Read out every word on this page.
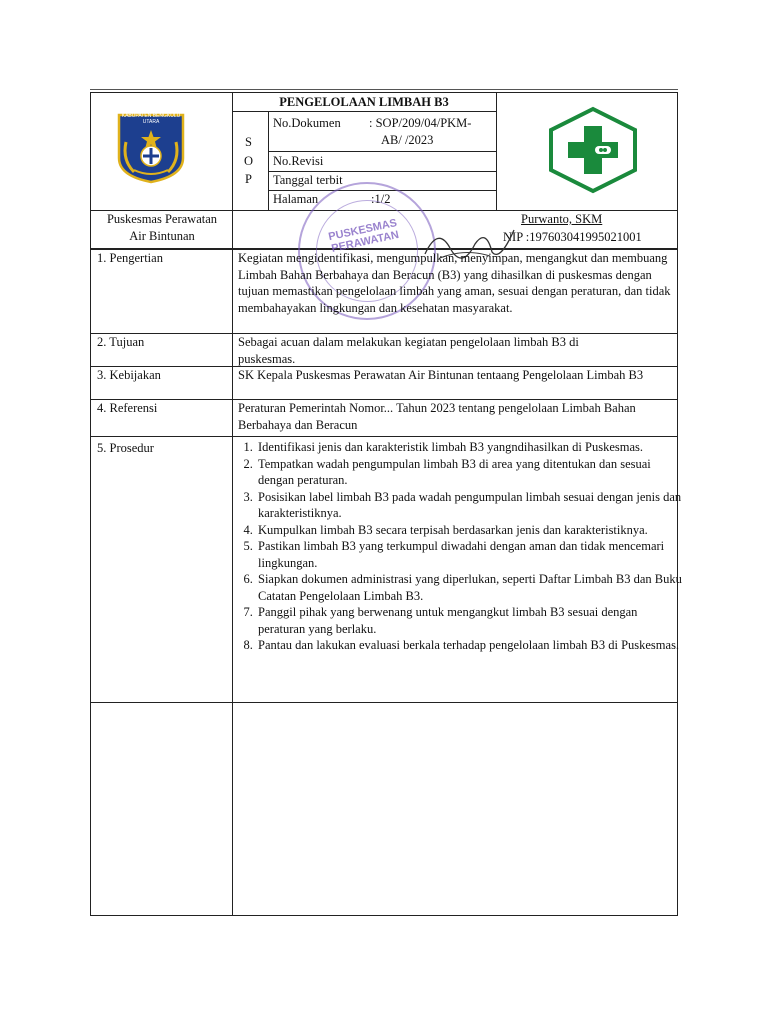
KABUPATEN BENGKULU UTARA
PENGELOLAAN LIMBAH B3
S
O
P
No.Dokumen : SOP/209/04/PKM-
AB/ /2023
No.Revisi
Tanggal terbit
Halaman	:1/2
Puskesmas Perawatan
Air Bintunan
Purwanto, SKM
NIP :197603041995021001
PUSKESMAS PERAWATAN
1. Pengertian
2. Tujuan
3. Kebijakan
4. Referensi
5. Prosedur
Kegiatan mengidentifikasi, mengumpulkan, menyimpan, mengangkut dan membuang Limbah Bahan Berbahaya dan Beracun (B3) yang dihasilkan di puskesmas dengan tujuan memastikan pengelolaan limbah yang aman, sesuai dengan peraturan, dan tidak membahayakan lingkungan dan kesehatan masyarakat.
Sebagai acuan dalam melakukan kegiatan pengelolaan limbah B3 di puskesmas.
SK Kepala Puskesmas Perawatan Air Bintunan tentaang Pengelolaan Limbah B3
Peraturan Pemerintah Nomor... Tahun 2023 tentang pengelolaan Limbah Bahan Berbahaya dan Beracun
1. Identifikasi jenis dan karakteristik limbah B3 yangndihasilkan di Puskesmas.
2. Tempatkan wadah pengumpulan limbah B3 di area yang ditentukan dan sesuai dengan peraturan.
3. Posisikan label limbah B3 pada wadah pengumpulan limbah sesuai dengan jenis dan karakteristiknya.
4. Kumpulkan limbah B3 secara terpisah berdasarkan jenis dan karakteristiknya.
5. Pastikan limbah B3 yang terkumpul diwadahi dengan aman dan tidak mencemari lingkungan.
6. Siapkan dokumen administrasi yang diperlukan, seperti Daftar Limbah B3 dan Buku Catatan Pengelolaan Limbah B3.
7. Panggil pihak yang berwenang untuk mengangkut limbah B3 sesuai dengan peraturan yang berlaku.
8. Pantau dan lakukan evaluasi berkala terhadap pengelolaan limbah B3 di Puskesmas.
